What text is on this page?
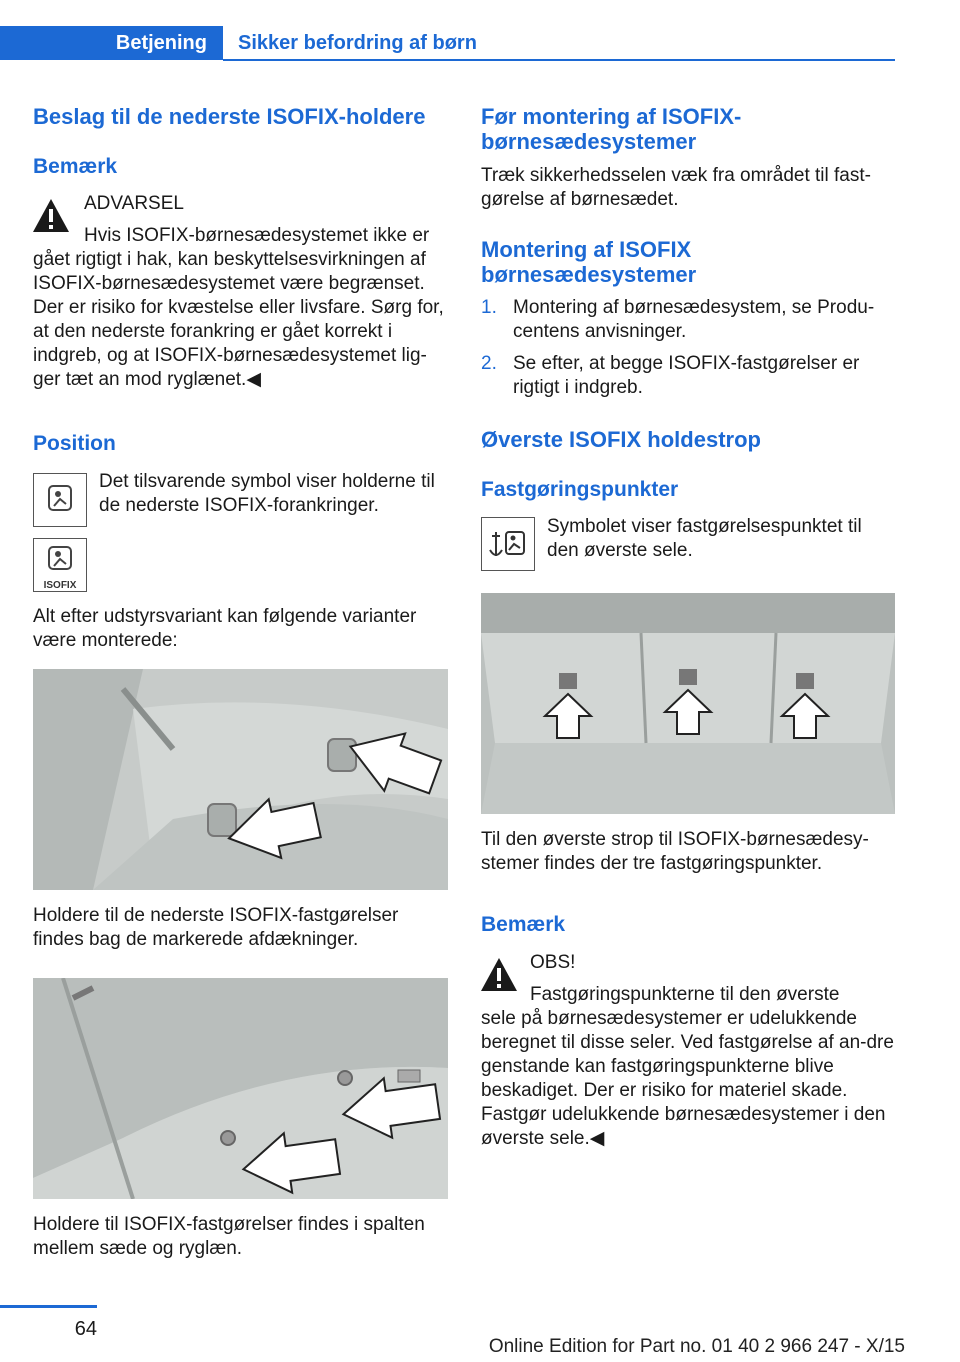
Betjening	Sikker befordring af børn
Beslag til de nederste ISOFIX-holdere
Bemærk

ADVARSEL

Hvis ISOFIX-børnesædesystemet ikke er

gået rigtigt i hak, kan beskyttelsesvirkningen af ISOFIX-børnesædesystemet være begrænset. Der er risiko for kvæstelse eller livsfare. Sørg for, at den nederste forankring er gået korrekt i indgreb, og at ISOFIX-børnesædesystemet lig-ger tæt an mod ryglænet.◀

Position

Det tilsvarende symbol viser holderne til de nederste ISOFIX-forankringer.

ISOFIX

Alt efter udstyrsvariant kan følgende varianter være monterede:

Holdere til de nederste ISOFIX-fastgørelser findes bag de markerede afdækninger.

Holdere til ISOFIX-fastgørelser findes i spalten mellem sæde og ryglæn.

Før montering af ISOFIX-børnesædesystemer

Træk sikkerhedsselen væk fra området til fast-gørelse af børnesædet.

Montering af ISOFIX børnesædesystemer
1. Montering af børnesædesystem, se Produ-centens anvisninger.

2. Se efter, at begge ISOFIX-fastgørelser er rigtigt i indgreb.

Øverste ISOFIX holdestrop
Fastgøringspunkter

Symbolet viser fastgørelsespunktet til den øverste sele.

Til den øverste strop til ISOFIX-børnesædesy-stemer findes der tre fastgøringspunkter.

Bemærk

OBS!

Fastgøringspunkterne til den øverste

sele på børnesædesystemer er udelukkende beregnet til disse seler. Ved fastgørelse af an-dre genstande kan fastgøringspunkterne blive beskadiget. Der er risiko for materiel skade. Fastgør udelukkende børnesædesystemer i den øverste sele.◀

64
Online Edition for Part no. 01 40 2 966 247 - X/15
